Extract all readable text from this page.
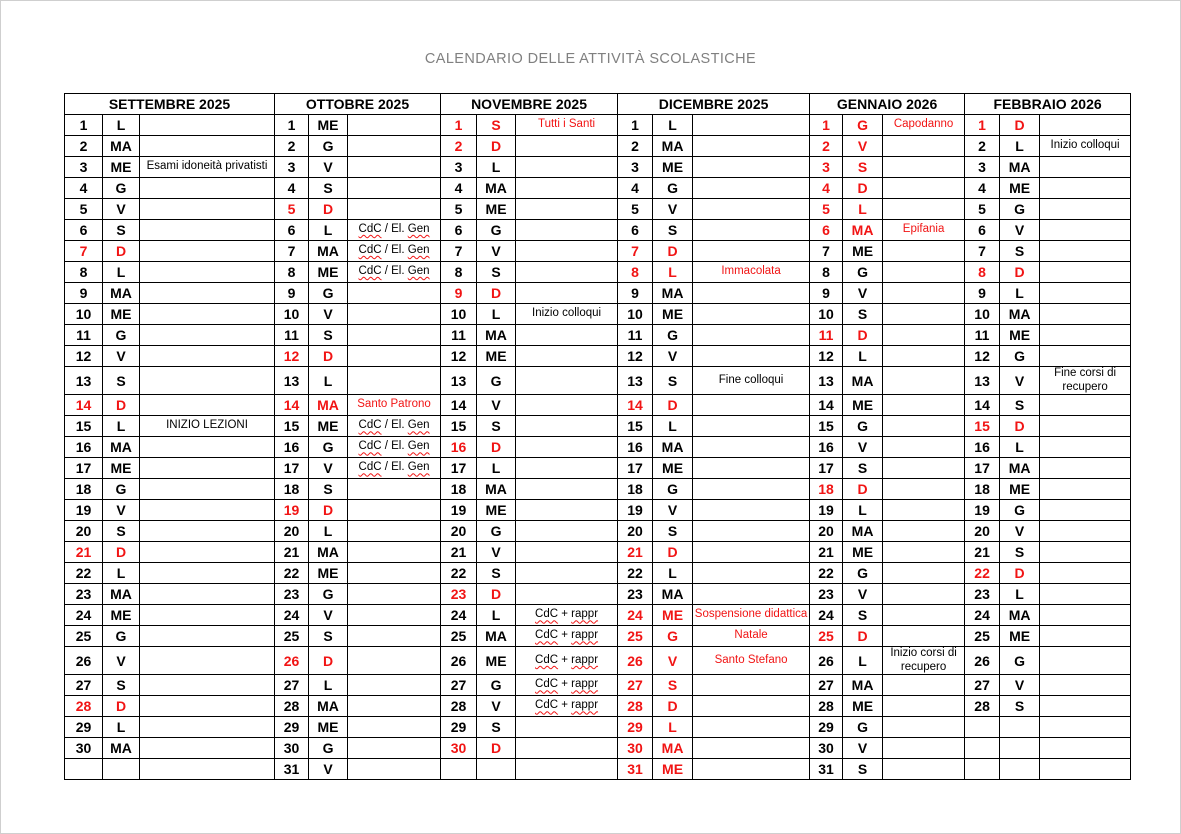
CALENDARIO DELLE ATTIVITÀ SCOLASTICHE
SETTEMBRE 2025			OTTOBRE 2025			NOVEMBRE 2025			DICEMBRE 2025			GENNAIO 2026			FEBBRAIO 2026		
1	L		1	ME		1	S	Tutti i Santi	1	L		1	G	Capodanno	1	D	
2	MA		2	G		2	D		2	MA		2	V		2	L	Inizio colloqui
3	ME	Esami idoneità privatisti	3	V		3	L		3	ME		3	S		3	MA	
4	G		4	S		4	MA		4	G		4	D		4	ME	
5	V		5	D		5	ME		5	V		5	L		5	G	
6	S		6	L	CdC / El. Gen	6	G		6	S		6	MA	Epifania	6	V	
7	D		7	MA	CdC / El. Gen	7	V		7	D		7	ME		7	S	
8	L		8	ME	CdC / El. Gen	8	S		8	L	Immacolata	8	G		8	D	
9	MA		9	G		9	D		9	MA		9	V		9	L	
10	ME		10	V		10	L	Inizio colloqui	10	ME		10	S		10	MA	
11	G		11	S		11	MA		11	G		11	D		11	ME	
12	V		12	D		12	ME		12	V		12	L		12	G	
13	S		13	L		13	G		13	S	Fine colloqui	13	MA		13	V	Fine corsi di recupero
14	D		14	MA	Santo Patrono	14	V		14	D		14	ME		14	S	
15	L	INIZIO LEZIONI	15	ME	CdC / El. Gen	15	S		15	L		15	G		15	D	
16	MA		16	G	CdC / El. Gen	16	D		16	MA		16	V		16	L	
17	ME		17	V	CdC / El. Gen	17	L		17	ME		17	S		17	MA	
18	G		18	S		18	MA		18	G		18	D		18	ME	
19	V		19	D		19	ME		19	V		19	L		19	G	
20	S		20	L		20	G		20	S		20	MA		20	V	
21	D		21	MA		21	V		21	D		21	ME		21	S	
22	L		22	ME		22	S		22	L		22	G		22	D	
23	MA		23	G		23	D		23	MA		23	V		23	L	
24	ME		24	V		24	L	CdC + rappr	24	ME	Sospensione didattica	24	S		24	MA	
25	G		25	S		25	MA	CdC + rappr	25	G	Natale	25	D		25	ME	
26	V		26	D		26	ME	CdC + rappr	26	V	Santo Stefano	26	L	Inizio corsi di recupero	26	G	
27	S		27	L		27	G	CdC + rappr	27	S		27	MA		27	V	
28	D		28	MA		28	V	CdC + rappr	28	D		28	ME		28	S	
29	L		29	ME		29	S		29	L		29	G				
30	MA		30	G		30	D		30	MA		30	V				
			31	V					31	ME		31	S				
